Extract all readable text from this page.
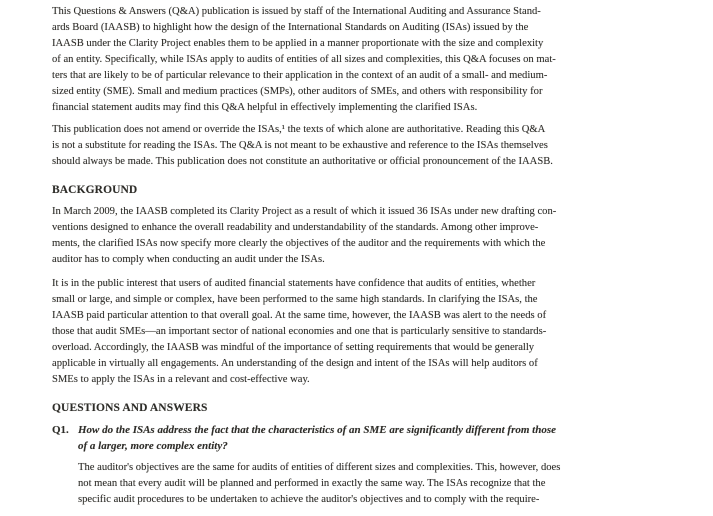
This Questions & Answers (Q&A) publication is issued by staff of the International Auditing and Assurance Stand-
ards Board (IAASB) to highlight how the design of the International Standards on Auditing (ISAs) issued by the
IAASB under the Clarity Project enables them to be applied in a manner proportionate with the size and complexity
of an entity. Specifically, while ISAs apply to audits of entities of all sizes and complexities, this Q&A focuses on mat-
ters that are likely to be of particular relevance to their application in the context of an audit of a small- and medium-
sized entity (SME). Small and medium practices (SMPs), other auditors of SMEs, and others with responsibility for
financial statement audits may find this Q&A helpful in effectively implementing the clarified ISAs.

This publication does not amend or override the ISAs,¹ the texts of which alone are authoritative. Reading this Q&A
is not a substitute for reading the ISAs. The Q&A is not meant to be exhaustive and reference to the ISAs themselves
should always be made. This publication does not constitute an authoritative or official pronouncement of the IAASB.

BACKGROUND

In March 2009, the IAASB completed its Clarity Project as a result of which it issued 36 ISAs under new drafting con-
ventions designed to enhance the overall readability and understandability of the standards. Among other improve-
ments, the clarified ISAs now specify more clearly the objectives of the auditor and the requirements with which the
auditor has to comply when conducting an audit under the ISAs.

It is in the public interest that users of audited financial statements have confidence that audits of entities, whether
small or large, and simple or complex, have been performed to the same high standards. In clarifying the ISAs, the
IAASB paid particular attention to that overall goal. At the same time, however, the IAASB was alert to the needs of
those that audit SMEs—an important sector of national economies and one that is particularly sensitive to standards-
overload. Accordingly, the IAASB was mindful of the importance of setting requirements that would be generally
applicable in virtually all engagements. An understanding of the design and intent of the ISAs will help auditors of
SMEs to apply the ISAs in a relevant and cost-effective way.

QUESTIONS AND ANSWERS
Q1. How do the ISAs address the fact that the characteristics of an SME are significantly different from those
of a larger, more complex entity?
The auditor's objectives are the same for audits of entities of different sizes and complexities. This, however, does
not mean that every audit will be planned and performed in exactly the same way. The ISAs recognize that the
specific audit procedures to be undertaken to achieve the auditor's objectives and to comply with the require-
